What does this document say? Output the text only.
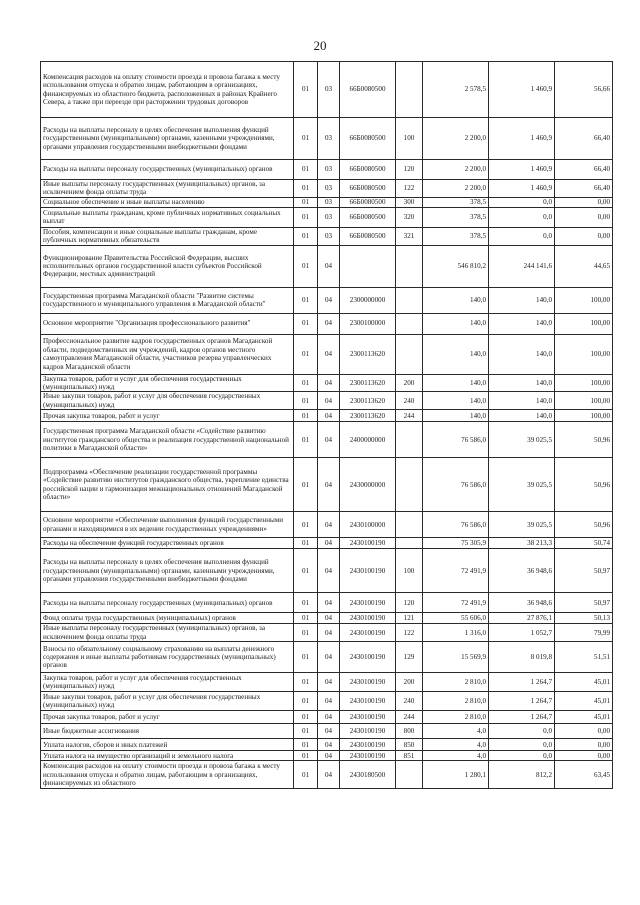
20
Компенсация расходов на оплату стоимости проезда и провоза багажа к месту использования отпуска и обратно лицам, работающим в организациях, финансируемых из областного бюджета, расположенных в районах Крайнего Севера, а также при переезде при расторжении трудовых договоров	01	03	66Б0080500		2 578,5	1 460,9	56,66
Расходы на выплаты персоналу в целях обеспечения выполнения функций государственными (муниципальными) органами, казенными учреждениями, органами управления государственными внебюджетными фондами	01	03	66Б0080500	100	2 200,0	1 460,9	66,40
Расходы на выплаты персоналу государственных (муниципальных) органов	01	03	66Б0080500	120	2 200,0	1 460,9	66,40
Иные выплаты персоналу государственных (муниципальных) органов, за исключением фонда оплаты труда	01	03	66Б0080500	122	2 200,0	1 460,9	66,40
Социальное обеспечение и иные выплаты населению	01	03	66Б0080500	300	378,5	0,0	0,00
Социальные выплаты гражданам, кроме публичных нормативных социальных выплат	01	03	66Б0080500	320	378,5	0,0	0,00
Пособия, компенсации и иные социальные выплаты гражданам, кроме публичных нормативных обязательств	01	03	66Б0080500	321	378,5	0,0	0,00
Функционирование Правительства Российской Федерации, высших исполнительных органов государственной власти субъектов Российской Федерации, местных администраций	01	04			546 810,2	244 141,6	44,65
Государственная программа Магаданской области "Развитие системы государственного и муниципального управления в Магаданской области"	01	04	2300000000		140,0	140,0	100,00
Основное мероприятие "Организация профессионального развития"	01	04	2300100000		140,0	140,0	100,00
Профессиональное развитие кадров государственных органов Магаданской области, подведомственных им учреждений, кадров органов местного самоуправления Магаданской области, участников резерва управленческих кадров Магаданской области	01	04	2300113620		140,0	140,0	100,00
Закупка товаров, работ и услуг для обеспечения государственных (муниципальных) нужд	01	04	2300113620	200	140,0	140,0	100,00
Иные закупки товаров, работ и услуг для обеспечения государственных (муниципальных) нужд	01	04	2300113620	240	140,0	140,0	100,00
Прочая закупка товаров, работ и услуг	01	04	2300113620	244	140,0	140,0	100,00
Государственная программа Магаданской области «Содействие развитию институтов гражданского общества и реализация государственной национальной политики в Магаданской области»	01	04	2400000000		76 586,0	39 025,5	50,96
Подпрограмма «Обеспечение реализации государственной программы «Содействие развитию институтов гражданского общества, укрепление единства российской нации и гармонизация межнациональных отношений Магаданской области»	01	04	2430000000		76 586,0	39 025,5	50,96
Основное мероприятие «Обеспечение выполнения функций государственными органами и находящимися в их ведении государственных учреждениями»	01	04	2430100000		76 586,0	39 025,5	50,96
Расходы на обеспечение функций государственных органов	01	04	2430100190		75 305,9	38 213,3	50,74
Расходы на выплаты персоналу в целях обеспечения выполнения функций государственными (муниципальными) органами, казенными учреждениями, органами управления государственными внебюджетными фондами	01	04	2430100190	100	72 491,9	36 948,6	50,97
Расходы на выплаты персоналу государственных (муниципальных) органов	01	04	2430100190	120	72 491,9	36 948,6	50,97
Фонд оплаты труда государственных (муниципальных) органов	01	04	2430100190	121	55 606,0	27 876,1	50,13
Иные выплаты персоналу государственных (муниципальных) органов, за исключением фонда оплаты труда	01	04	2430100190	122	1 316,0	1 052,7	79,99
Взносы по обязательному социальному страхованию на выплаты денежного содержания и иные выплаты работникам государственных (муниципальных) органов	01	04	2430100190	129	15 569,9	8 019,8	51,51
Закупка товаров, работ и услуг для обеспечения государственных (муниципальных) нужд	01	04	2430100190	200	2 810,0	1 264,7	45,01
Иные закупки товаров, работ и услуг для обеспечения государственных (муниципальных) нужд	01	04	2430100190	240	2 810,0	1 264,7	45,01
Прочая закупка товаров, работ и услуг	01	04	2430100190	244	2 810,0	1 264,7	45,01
Иные бюджетные ассигнования	01	04	2430100190	800	4,0	0,0	0,00
Уплата налогов, сборов и иных платежей	01	04	2430100190	850	4,0	0,0	0,00
Уплата налога на имущество организаций и земельного налога	01	04	2430100190	851	4,0	0,0	0,00
Компенсация расходов на оплату стоимости проезда и провоза багажа к месту использования отпуска и обратно лицам, работающим в организациях, финансируемых из областного	01	04	2430180500		1 280,1	812,2	63,45
